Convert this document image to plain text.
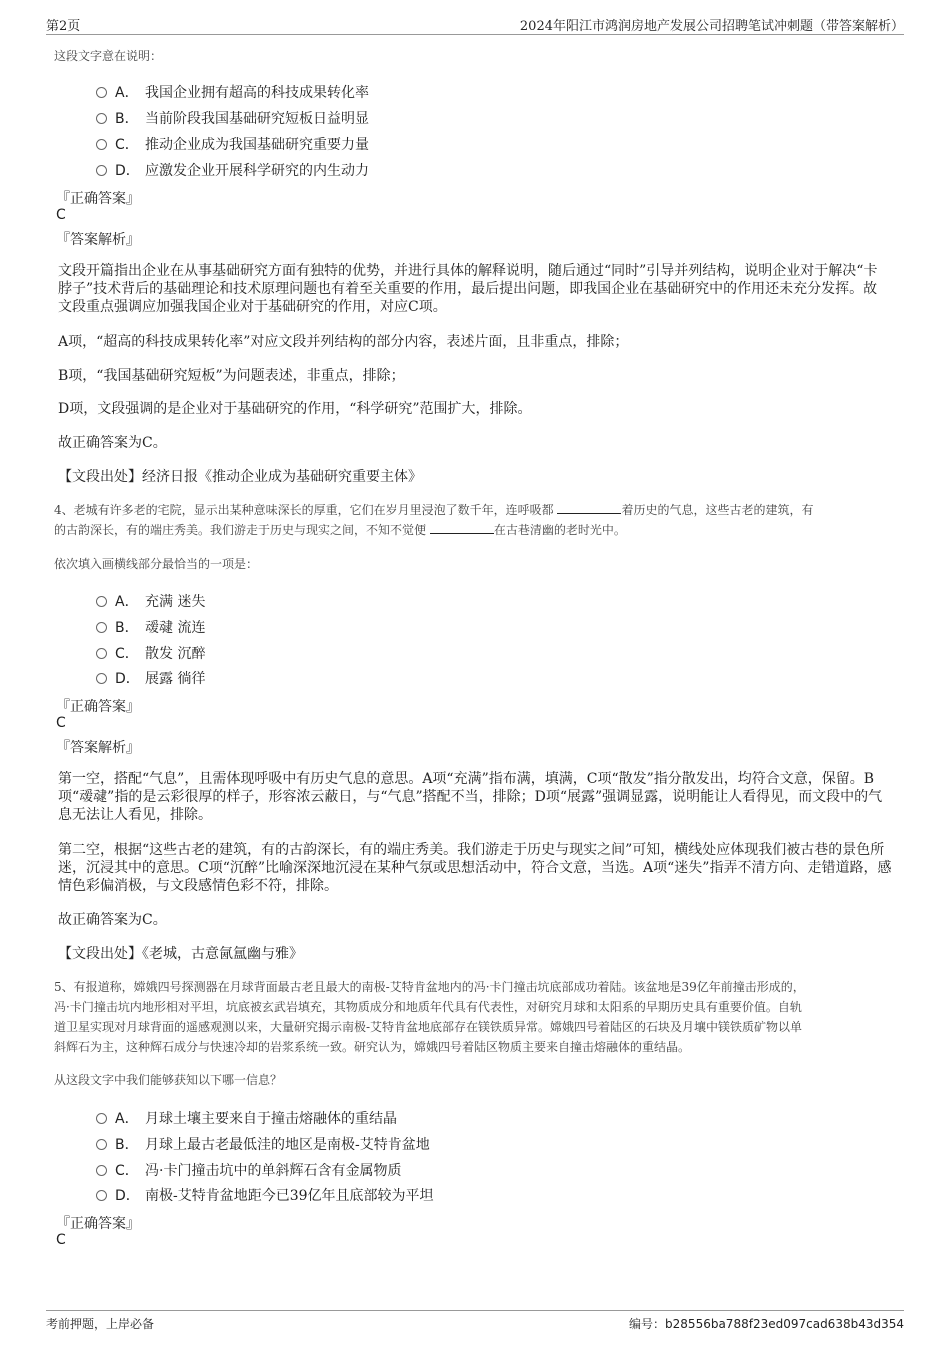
第2页	2024年阳江市鸿润房地产发展公司招聘笔试冲刺题（带答案解析）
这段文字意在说明：
A． 我国企业拥有超高的科技成果转化率
B． 当前阶段我国基础研究短板日益明显
C． 推动企业成为我国基础研究重要力量
D． 应激发企业开展科学研究的内生动力
『正确答案』
C
『答案解析』
文段开篇指出企业在从事基础研究方面有独特的优势，并进行具体的解释说明，随后通过“同时”引导并列结构，说明企业对于解决“卡脖子”技术背后的基础理论和技术原理问题也有着至关重要的作用，最后提出问题，即我国企业在基础研究中的作用还未充分发挥。故文段重点强调应加强我国企业对于基础研究的作用，对应C项。
A项，“超高的科技成果转化率”对应文段并列结构的部分内容，表述片面，且非重点，排除；
B项，“我国基础研究短板”为问题表述，非重点，排除；
D项，文段强调的是企业对于基础研究的作用，“科学研究”范围扩大，排除。
故正确答案为C。
【文段出处】经济日报《推动企业成为基础研究重要主体》
4、老城有许多老的宅院，显示出某种意味深长的厚重，它们在岁月里浸泡了数千年，连呼吸都	着历史的气息，这些古老的建筑，有
的古韵深长，有的端庄秀美。我们游走于历史与现实之间，不知不觉便	在古巷清幽的老时光中。
依次填入画横线部分最恰当的一项是：
A． 充满 迷失
B． 叆叇 流连
C． 散发 沉醉
D． 展露 徜徉
『正确答案』
C
『答案解析』
第一空，搭配“气息”，且需体现呼吸中有历史气息的意思。A项“充满”指布满，填满，C项“散发”指分散发出，均符合文意，保留。B项“叆叇”指的是云彩很厚的样子，形容浓云蔽日，与“气息”搭配不当，排除；D项“展露”强调显露，说明能让人看得见，而文段中的气息无法让人看见，排除。
第二空，根据“这些古老的建筑，有的古韵深长，有的端庄秀美。我们游走于历史与现实之间”可知，横线处应体现我们被古巷的景色所迷，沉浸其中的意思。C项“沉醉”比喻深深地沉浸在某种气氛或思想活动中，符合文意，当选。A项“迷失”指弄不清方向、走错道路，感情色彩偏消极，与文段感情色彩不符，排除。
故正确答案为C。
【文段出处】《老城，古意氤氲幽与雅》
5、有报道称，嫦娥四号探测器在月球背面最古老且最大的南极-艾特肯盆地内的冯·卡门撞击坑底部成功着陆。该盆地是39亿年前撞击形成的，
冯·卡门撞击坑内地形相对平坦，坑底被玄武岩填充，其物质成分和地质年代具有代表性，对研究月球和太阳系的早期历史具有重要价值。自轨
道卫星实现对月球背面的遥感观测以来，大量研究揭示南极-艾特肯盆地底部存在镁铁质异常。嫦娥四号着陆区的石块及月壤中镁铁质矿物以单
斜辉石为主，这种辉石成分与快速冷却的岩浆系统一致。研究认为，嫦娥四号着陆区物质主要来自撞击熔融体的重结晶。
从这段文字中我们能够获知以下哪一信息？
A． 月球土壤主要来自于撞击熔融体的重结晶
B． 月球上最古老最低洼的地区是南极-艾特肯盆地
C． 冯·卡门撞击坑中的单斜辉石含有金属物质
D． 南极-艾特肯盆地距今已39亿年且底部较为平坦
『正确答案』
C
考前押题，上岸必备	编号：b28556ba788f23ed097cad638b43d354
